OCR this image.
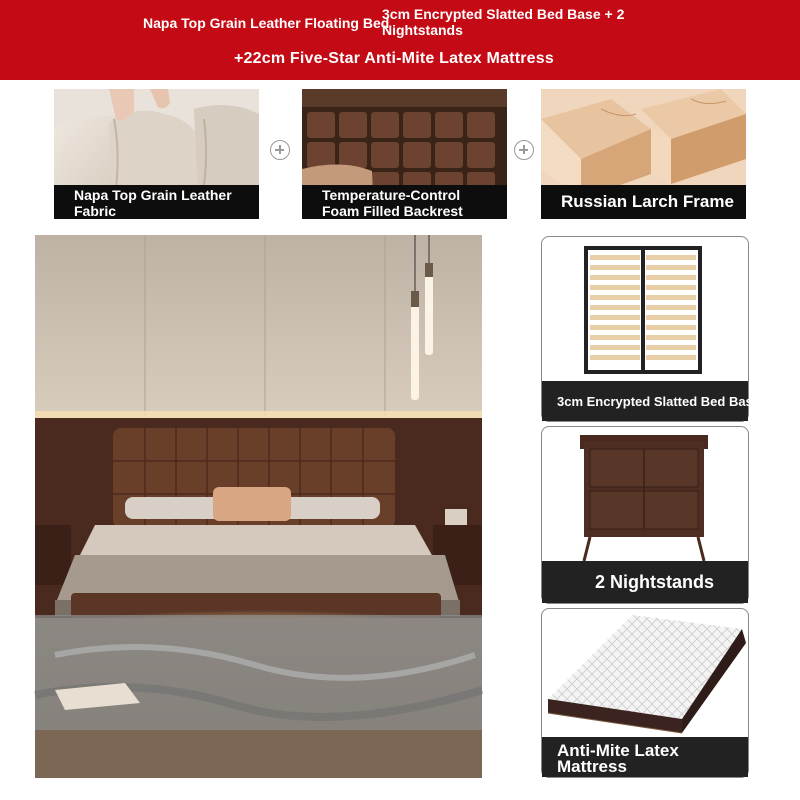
Napa Top Grain Leather Floating Bed
3cm Encrypted Slatted Bed Base + 2 Nightstands
+22cm Five-Star Anti-Mite Latex Mattress
Napa Top Grain Leather Fabric
Temperature-Control Foam Filled Backrest Cushions
Russian Larch Frame
3cm Encrypted Slatted Bed Base
2 Nightstands
Anti-Mite Latex Mattress
